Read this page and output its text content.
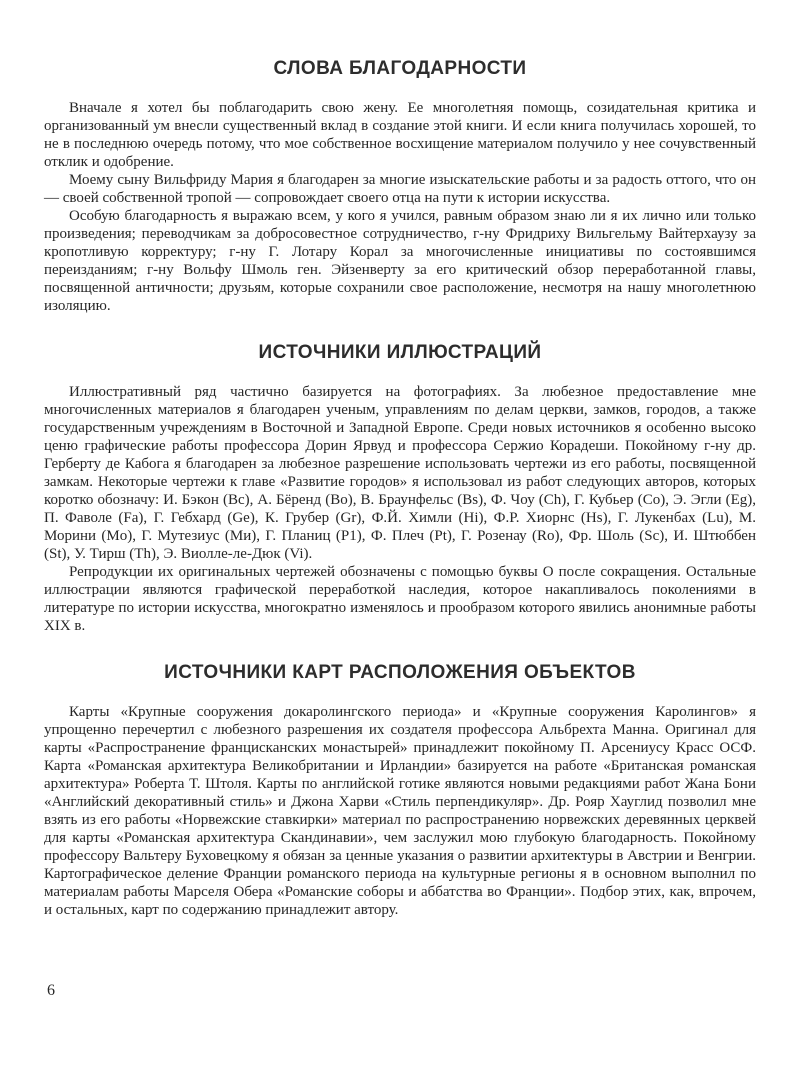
СЛОВА БЛАГОДАРНОСТИ

Вначале я хотел бы поблагодарить свою жену. Ее многолетняя помощь, созидательная критика и организованный ум внесли существенный вклад в создание этой книги. И если книга получилась хорошей, то не в последнюю очередь потому, что мое собственное восхищение материалом получило у нее сочувственный отклик и одобрение.

Моему сыну Вильфриду Мария я благодарен за многие изыскательские работы и за радость оттого, что он — своей собственной тропой — сопровождает своего отца на пути к истории искусства.

Особую благодарность я выражаю всем, у кого я учился, равным образом знаю ли я их лично или только произведения; переводчикам за добросовестное сотрудничество, г-ну Фридриху Вильгельму Вайтерхаузу за кропотливую корректуру; г-ну Г. Лотару Корал за многочисленные инициативы по состоявшимся переизданиям; г-ну Вольфу Шмоль ген. Эйзенверту за его критический обзор переработанной главы, посвященной античности; друзьям, которые сохранили свое расположение, несмотря на нашу многолетнюю изоляцию.

ИСТОЧНИКИ ИЛЛЮСТРАЦИЙ

Иллюстративный ряд частично базируется на фотографиях. За любезное предоставление мне многочисленных материалов я благодарен ученым, управлениям по делам церкви, замков, городов, а также государственным учреждениям в Восточной и Западной Европе. Среди новых источников я особенно высоко ценю графические работы профессора Дорин Ярвуд и профессора Сержио Корадеши. Покойному г-ну др. Герберту де Кабога я благодарен за любезное разрешение использовать чертежи из его работы, посвященной замкам. Некоторые чертежи к главе «Развитие городов» я использовал из работ следующих авторов, которых коротко обозначу: И. Бэкон (Bc), А. Бёренд (Bo), В. Браунфельс (Bs), Ф. Чоу (Ch), Г. Кубьер (Co), Э. Эгли (Eg), П. Фаволе (Fa), Г. Гебхард (Ge), К. Грубер (Gr), Ф.Й. Химли (Hi), Ф.Р. Хиорнс (Hs), Г. Лукенбах (Lu), М. Морини (Mo), Г. Мутезиус (Ми), Г. Планиц (P1), Ф. Плеч (Pt), Г. Розенау (Ro), Фр. Шоль (Sc), И. Штюббен (St), У. Тирш (Th), Э. Виолле-ле-Дюк (Vi).

Репродукции их оригинальных чертежей обозначены с помощью буквы О после сокращения. Остальные иллюстрации являются графической переработкой наследия, которое накапливалось поколениями в литературе по истории искусства, многократно изменялось и прообразом которого явились анонимные работы XIX в.

ИСТОЧНИКИ КАРТ РАСПОЛОЖЕНИЯ ОБЪЕКТОВ

Карты «Крупные сооружения докаролингского периода» и «Крупные сооружения Каролингов» я упрощенно перечертил с любезного разрешения их создателя профессора Альбрехта Манна. Оригинал для карты «Распространение францисканских монастырей» принадлежит покойному П. Арсениусу Красс ОСФ. Карта «Романская архитектура Великобритании и Ирландии» базируется на работе «Британская романская архитектура» Роберта Т. Штоля. Карты по английской готике являются новыми редакциями работ Жана Бони «Английский декоративный стиль» и Джона Харви «Стиль перпендикуляр». Др. Рояр Хауглид позволил мне взять из его работы «Норвежские ставкирки» материал по распространению норвежских деревянных церквей для карты «Романская архитектура Скандинавии», чем заслужил мою глубокую благодарность. Покойному профессору Вальтеру Буховецкому я обязан за ценные указания о развитии архитектуры в Австрии и Венгрии. Картографическое деление Франции романского периода на культурные регионы я в основном выполнил по материалам работы Марселя Обера «Романские соборы и аббатства во Франции». Подбор этих, как, впрочем, и остальных, карт по содержанию принадлежит автору.

6
